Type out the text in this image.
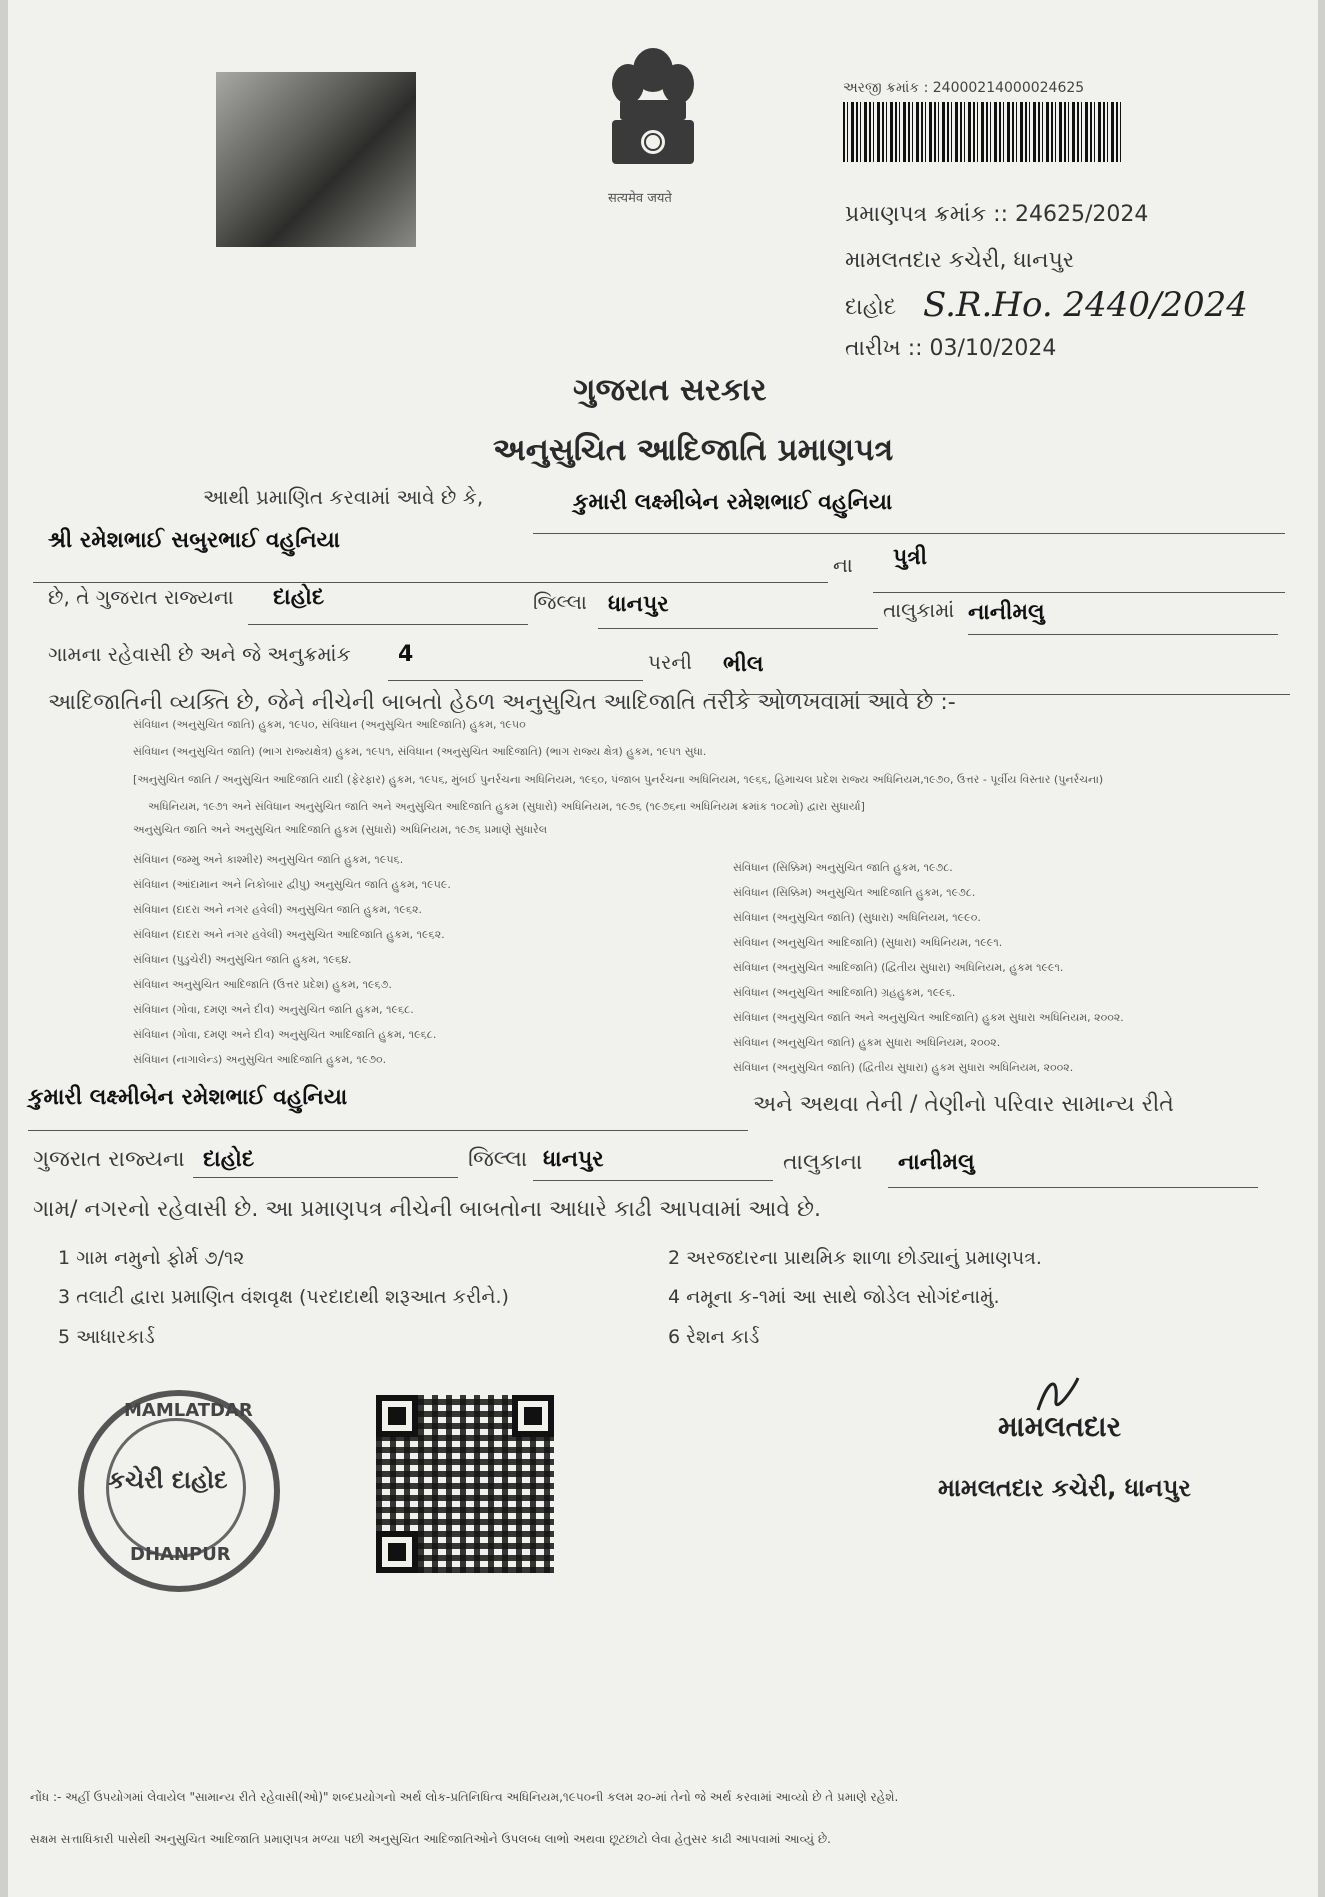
सत्यमेव जयते
અરજી ક્રમાંક : 24000214000024625
પ્રમાણપત્ર ક્રમાંક :: 24625/2024
મામલતદાર કચેરી, ધાનપુર
દાહોદ S.R.Ho. 2440/2024
તારીખ :: 03/10/2024
ગુજરાત સરકાર
અનુસુચિત આદિજાતિ પ્રમાણપત્ર
આથી પ્રમાણિત કરવામાં આવે છે કે,	કુમારી લક્ષ્મીબેન રમેશભાઈ વહુનિયા
શ્રી રમેશભાઈ સબુરભાઈ વહુનિયા
ના પુત્રી
છે, તે ગુજરાત રાજ્યના દાહોદ	જિલ્લા ધાનપુર	તાલુકામાં નાનીમલુ
ગામના રહેવાસી છે અને જે અનુક્રમાંક 4	પરની ભીલ
આદિજાતિની વ્યક્તિ છે, જેને નીચેની બાબતો હેઠળ અનુસુચિત આદિજાતિ તરીકે ઓળખવામાં આવે છે :-
સંવિધાન (અનુસુચિત જાતિ) હુકમ, ૧૯૫૦, સંવિધાન (અનુસુચિત આદિજાતિ) હુકમ, ૧૯૫૦
સંવિધાન (અનુસુચિત જાતિ) (ભાગ રાજ્યક્ષેત્ર) હુકમ, ૧૯૫૧, સંવિધાન (અનુસુચિત આદિજાતિ) (ભાગ રાજ્ય ક્ષેત્ર) હુકમ, ૧૯૫૧ સુધા.
[અનુસુચિત જાતિ / અનુસુચિત આદિજાતિ યાદી (ફેરફાર) હુકમ, ૧૯૫૬, મુંબઈ પુનર્રચના અધિનિયમ, ૧૯૬૦, પંજાબ પુનર્રચના અધિનિયમ, ૧૯૬૬, હિમાચલ પ્રદેશ રાજ્ય અધિનિયમ,૧૯૭૦, ઉત્તર - પૂર્વીય વિસ્તાર (પુનર્રચના)
અધિનિયમ, ૧૯૭૧ અને સંવિધાન અનુસુચિત જાતિ અને અનુસુચિત આદિજાતિ હુકમ (સુધારો) અધિનિયમ, ૧૯૭૬ (૧૯૭૬ના અધિનિયમ ક્રમાંક ૧૦૮મો) દ્વારા સુધાર્યા]
અનુસુચિત જાતિ અને અનુસુચિત આદિજાતિ હુકમ (સુધારો) અધિનિયમ, ૧૯૭૬ પ્રમાણે સુધારેલ
સંવિધાન (જમ્મુ અને કાશ્મીર) અનુસુચિત જાતિ હુકમ, ૧૯૫૬.
સંવિધાન (આંદામાન અને નિકોબાર દ્વીપુ) અનુસુચિત જાતિ હુકમ, ૧૯૫૯.
સંવિધાન (દાદરા અને નગર હવેલી) અનુસુચિત જાતિ હુકમ, ૧૯૬૨.
સંવિધાન (દાદરા અને નગર હવેલી) અનુસુચિત આદિજાતિ હુકમ, ૧૯૬૨.
સંવિધાન (પુડુચેરી) અનુસુચિત જાતિ હુકમ, ૧૯૬૪.
સંવિધાન અનુસુચિત આદિજાતિ (ઉત્તર પ્રદેશ) હુકમ, ૧૯૬૭.
સંવિધાન (ગોવા, દમણ અને દીવ) અનુસુચિત જાતિ હુકમ, ૧૯૬૮.
સંવિધાન (ગોવા, દમણ અને દીવ) અનુસુચિત આદિજાતિ હુકમ, ૧૯૬૮.
સંવિધાન (નાગાલેન્ડ) અનુસુચિત આદિજાતિ હુકમ, ૧૯૭૦.
સંવિધાન (સિક્કિમ) અનુસુચિત જાતિ હુકમ, ૧૯૭૮.
સંવિધાન (સિક્કિમ) અનુસુચિત આદિજાતિ હુકમ, ૧૯૭૮.
સંવિધાન (અનુસુચિત જાતિ) (સુધારા) અધિનિયમ, ૧૯૯૦.
સંવિધાન (અનુસુચિત આદિજાતિ) (સુધારા) અધિનિયમ, ૧૯૯૧.
સંવિધાન (અનુસુચિત આદિજાતિ) (દ્વિતીય સુધારા) અધિનિયમ, હુકમ ૧૯૯૧.
સંવિધાન (અનુસુચિત આદિજાતિ) ગ્રહહુકમ, ૧૯૯૬.
સંવિધાન (અનુસુચિત જાતિ અને અનુસુચિત આદિજાતિ) હુકમ સુધારા અધિનિયમ, ૨૦૦૨.
સંવિધાન (અનુસુચિત જાતિ) હુકમ સુધારા અધિનિયમ, ૨૦૦૨.
સંવિધાન (અનુસુચિત જાતિ) (દ્વિતીય સુધારા) હુકમ સુધારા અધિનિયમ, ૨૦૦૨.
કુમારી લક્ષ્મીબેન રમેશભાઈ વહુનિયા	અને અથવા તેની / તેણીનો પરિવાર સામાન્ય રીતે
ગુજરાત રાજ્યના દાહોદ	જિલ્લા ધાનપુર	તાલુકાના નાનીમલુ
ગામ/ નગરનો રહેવાસી છે. આ પ્રમાણપત્ર નીચેની બાબતોના આધારે કાઢી આપવામાં આવે છે.
1 ગામ નમુનો ફોર્મ ૭/૧૨	2 અરજદારના પ્રાથમિક શાળા છોડ્યાનું પ્રમાણપત્ર.
3 તલાટી દ્વારા પ્રમાણિત વંશવૃક્ષ (પરદાદાથી શરૂઆત કરીને.)	4 નમૂના ક-૧માં આ સાથે જોડેલ સોગંદનામું.
5 આધારકાર્ડ	6 રેશન કાર્ડ
MAMLATDAR
કચેરી દાહોદ
DHANPUR
મામલતદાર
મામલતદાર કચેરી, ધાનપુર
નોંધ :- અહીં ઉપયોગમાં લેવાયેલ "સામાન્ય રીતે રહેવાસી(ઓ)" શબ્દપ્રયોગનો અર્થ લોક-પ્રતિનિધિત્વ અધિનિયમ,૧૯૫૦ની કલમ ૨૦-માં તેનો જે અર્થ કરવામાં આવ્યો છે તે પ્રમાણે રહેશે.
સક્ષમ સત્તાધિકારી પાસેથી અનુસુચિત આદિજાતિ પ્રમાણપત્ર મળ્યા પછી અનુસુચિત આદિજાતિઓને ઉપલબ્ધ લાભો અથવા છૂટછાટો લેવા હેતુસર કાઢી આપવામાં આવ્યું છે.
